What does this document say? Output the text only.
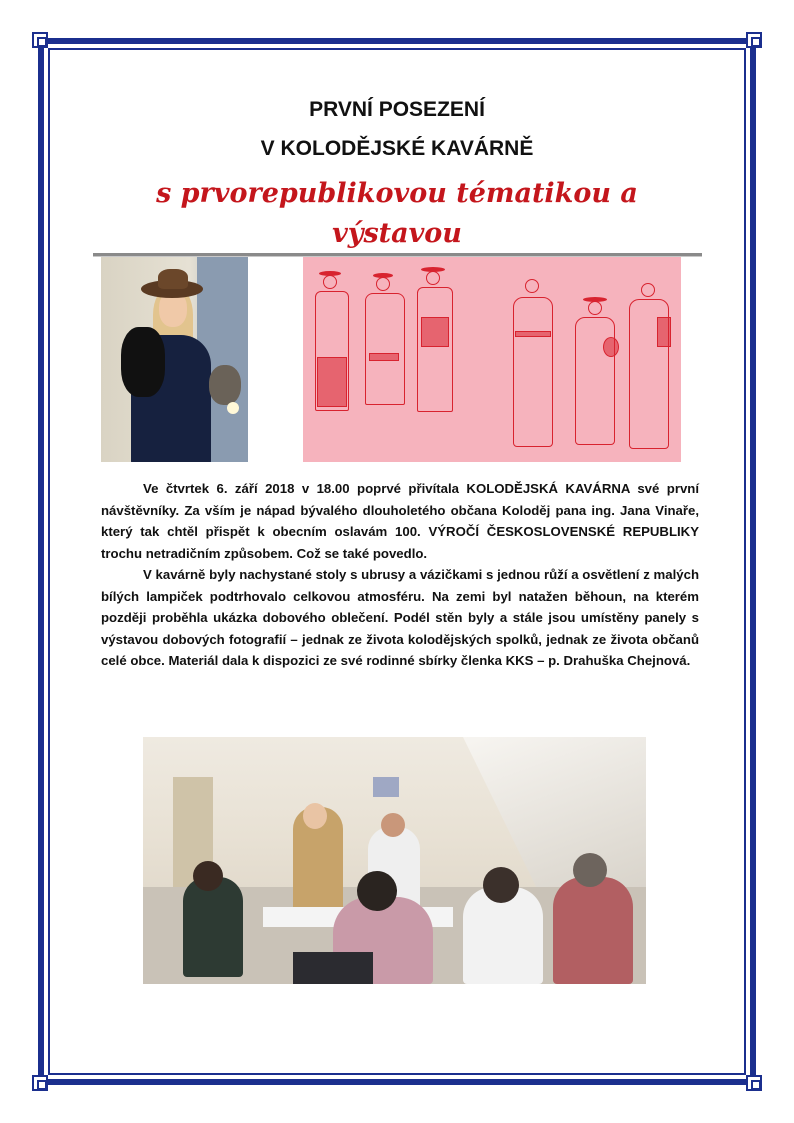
PRVNÍ POSEZENÍ
V KOLODĚJSKÉ KAVÁRNĚ
s prvorepublikovou tématikou a výstavou

Ve čtvrtek 6. září 2018 v 18.00 poprvé přivítala KOLODĚJSKÁ KAVÁRNA své první návštěvníky. Za vším je nápad bývalého dlouholetého občana Koloděj pana ing. Jana Vinaře, který tak chtěl přispět k obecním oslavám 100. VÝROČÍ ČESKOSLOVENSKÉ REPUBLIKY trochu netradičním způsobem. Což se také povedlo.

V kavárně byly nachystané stoly s ubrusy a vázičkami s jednou růží a osvětlení z malých bílých lampiček podtrhovalo celkovou atmosféru. Na zemi byl natažen běhoun, na kterém později proběhla ukázka dobového oblečení. Podél stěn byly a stále jsou umístěny panely s výstavou dobových fotografií – jednak ze života kolodějských spolků, jednak ze života občanů celé obce. Materiál dala k dispozici ze své rodinné sbírky členka KKS – p. Drahuška Chejnová.
